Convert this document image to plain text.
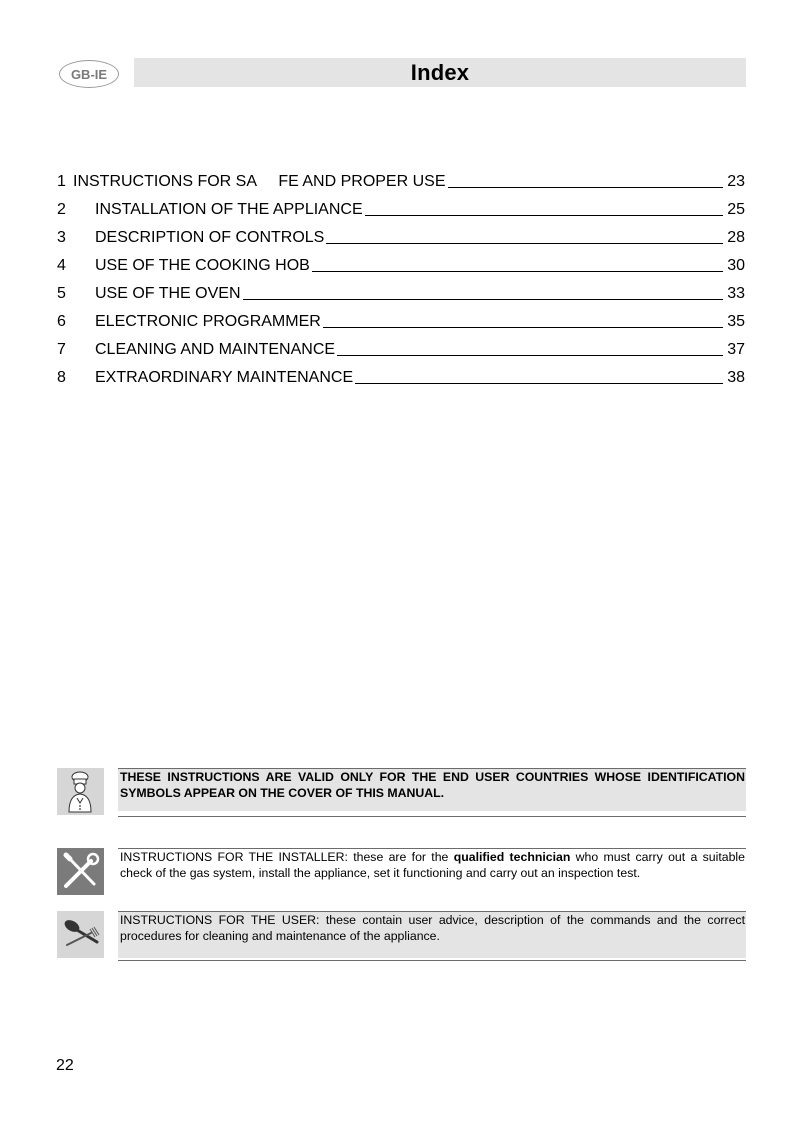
GB-IE	Index
1 INSTRUCTIONS FOR SA     FE AND PROPER USE	23
2	INSTALLATION OF THE APPLIANCE	25
3	DESCRIPTION OF CONTROLS	28
4	USE OF THE COOKING HOB	30
5	USE OF THE OVEN	33
6	ELECTRONIC PROGRAMMER	35
7	CLEANING AND MAINTENANCE	37
8	EXTRAORDINARY MAINTENANCE	38
THESE INSTRUCTIONS ARE VALID ONLY FOR THE END USER COUNTRIES WHOSE IDENTIFICATION SYMBOLS APPEAR ON THE COVER OF THIS MANUAL.
INSTRUCTIONS FOR THE INSTALLER: these are for the qualified technician who must carry out a suitable check of the gas system, install the appliance, set it functioning and carry out an inspection test.
INSTRUCTIONS FOR THE USER: these contain user advice, description of the commands and the correct procedures for cleaning and maintenance of the appliance.
22
